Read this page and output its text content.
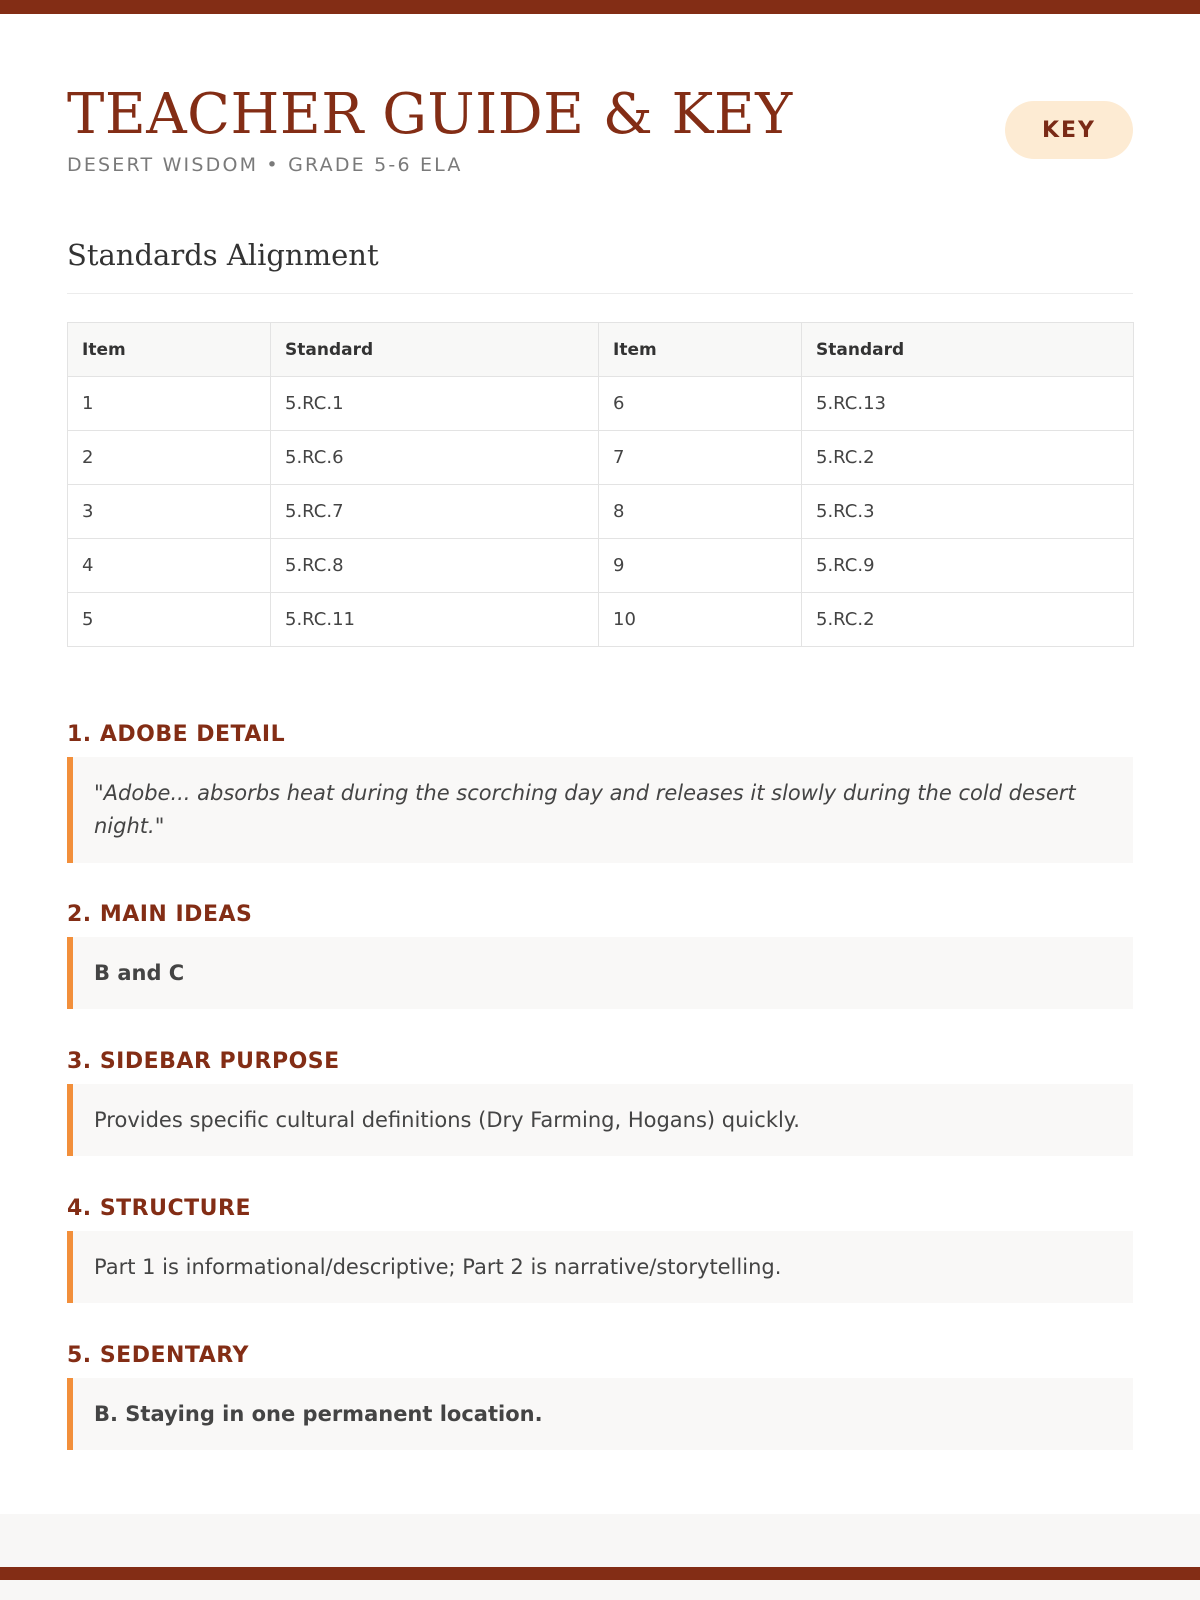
TEACHER GUIDE & KEY
DESERT WISDOM • GRADE 5-6 ELA
KEY
Standards Alignment
Item	Standard	Item	Standard
1	5.RC.1	6	5.RC.13
2	5.RC.6	7	5.RC.2
3	5.RC.7	8	5.RC.3
4	5.RC.8	9	5.RC.9
5	5.RC.11	10	5.RC.2
1. ADOBE DETAIL
"Adobe... absorbs heat during the scorching day and releases it slowly during the cold desert night."
2. MAIN IDEAS
B and C
3. SIDEBAR PURPOSE
Provides specific cultural definitions (Dry Farming, Hogans) quickly.
4. STRUCTURE
Part 1 is informational/descriptive; Part 2 is narrative/storytelling.
5. SEDENTARY
B. Staying in one permanent location.
